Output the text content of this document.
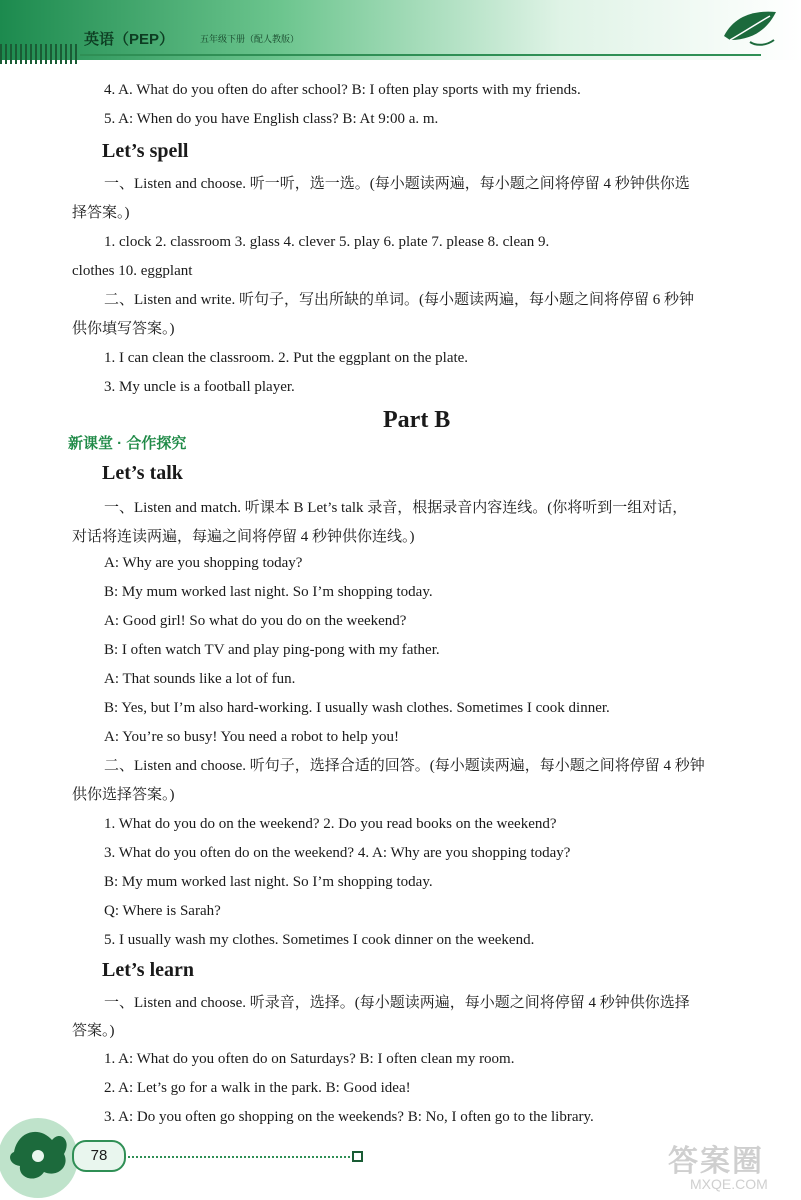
英语（PEP）	五年级下册（配人教版）
4. A. What do you often do after school? B: I often play sports with my friends.
5. A: When do you have English class? B: At 9:00 a. m.
Let’s spell
一、Listen and choose. 听一听，选一选。(每小题读两遍，每小题之间将停留 4 秒钟供你选
择答案。)
1. clock 2. classroom 3. glass 4. clever 5. play 6. plate 7. please 8. clean 9.
clothes 10. eggplant
二、Listen and write. 听句子，写出所缺的单词。(每小题读两遍，每小题之间将停留 6 秒钟
供你填写答案。)
1. I can clean the classroom. 2. Put the eggplant on the plate.
3. My uncle is a football player.
Part B
新课堂 · 合作探究
Let’s talk
一、Listen and match. 听课本 B Let’s talk 录音，根据录音内容连线。(你将听到一组对话，
对话将连读两遍，每遍之间将停留 4 秒钟供你连线。)
A: Why are you shopping today?
B: My mum worked last night. So I’m shopping today.
A: Good girl! So what do you do on the weekend?
B: I often watch TV and play ping-pong with my father.
A: That sounds like a lot of fun.
B: Yes, but I’m also hard-working. I usually wash clothes. Sometimes I cook dinner.
A: You’re so busy! You need a robot to help you!
二、Listen and choose. 听句子，选择合适的回答。(每小题读两遍，每小题之间将停留 4 秒钟
供你选择答案。)
1. What do you do on the weekend? 2. Do you read books on the weekend?
3. What do you often do on the weekend? 4. A: Why are you shopping today?
B: My mum worked last night. So I’m shopping today.
Q: Where is Sarah?
5. I usually wash my clothes. Sometimes I cook dinner on the weekend.
Let’s learn
一、Listen and choose. 听录音，选择。(每小题读两遍，每小题之间将停留 4 秒钟供你选择
答案。)
1. A: What do you often do on Saturdays? B: I often clean my room.
2. A: Let’s go for a walk in the park. B: Good idea!
3. A: Do you often go shopping on the weekends? B: No, I often go to the library.
78	答案圈
MXQE.COM
